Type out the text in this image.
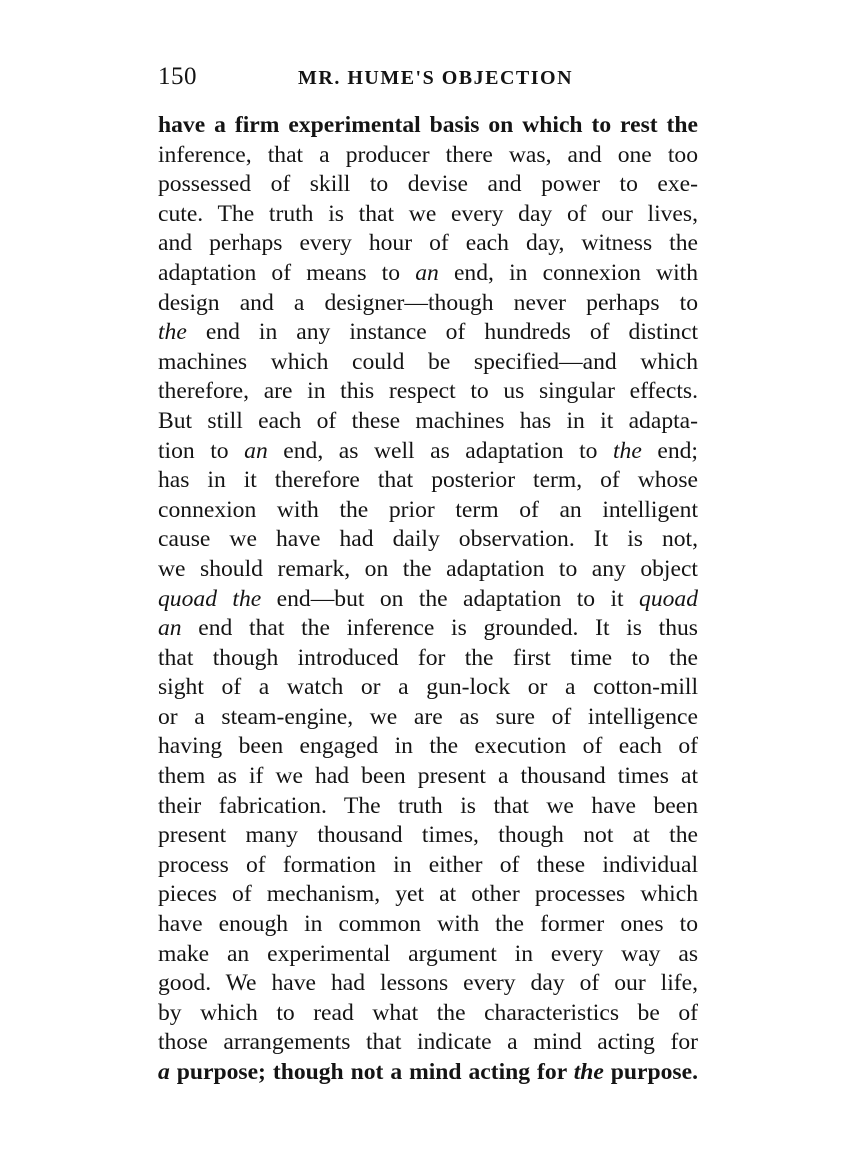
150	MR. HUME'S OBJECTION
have a firm experimental basis on which to rest the
inference, that a producer there was, and one too
possessed of skill to devise and power to exe-
cute. The truth is that we every day of our lives,
and perhaps every hour of each day, witness the
adaptation of means to an end, in connexion with
design and a designer—though never perhaps to
the end in any instance of hundreds of distinct
machines which could be specified—and which
therefore, are in this respect to us singular effects.
But still each of these machines has in it adapta-
tion to an end, as well as adaptation to the end;
has in it therefore that posterior term, of whose
connexion with the prior term of an intelligent
cause we have had daily observation. It is not,
we should remark, on the adaptation to any object
quoad the end—but on the adaptation to it quoad
an end that the inference is grounded. It is thus
that though introduced for the first time to the
sight of a watch or a gun-lock or a cotton-mill
or a steam-engine, we are as sure of intelligence
having been engaged in the execution of each of
them as if we had been present a thousand times at
their fabrication. The truth is that we have been
present many thousand times, though not at the
process of formation in either of these individual
pieces of mechanism, yet at other processes which
have enough in common with the former ones to
make an experimental argument in every way as
good. We have had lessons every day of our life,
by which to read what the characteristics be of
those arrangements that indicate a mind acting for
a purpose; though not a mind acting for the purpose.
